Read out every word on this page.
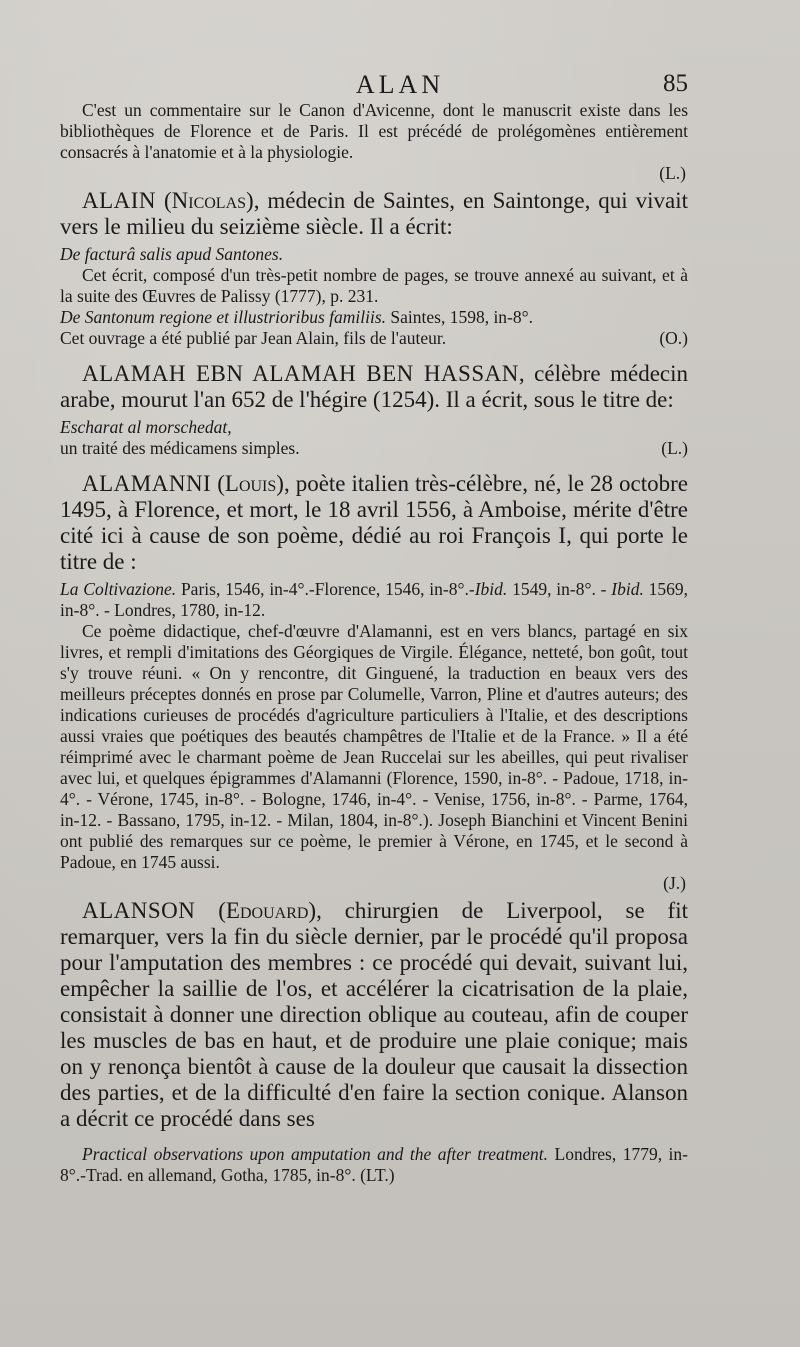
ALAN	85
C'est un commentaire sur le Canon d'Avicenne, dont le manuscrit existe dans les bibliothèques de Florence et de Paris. Il est précédé de prolégomènes entièrement consacrés à l'anatomie et à la physiologie.
(L.)
ALAIN (Nicolas), médecin de Saintes, en Saintonge, qui vivait vers le milieu du seizième siècle. Il a écrit:
De facturâ salis apud Santones.
Cet écrit, composé d'un très-petit nombre de pages, se trouve annexé au suivant, et à la suite des Œuvres de Palissy (1777), p. 231.
De Santonum regione et illustrioribus familiis. Saintes, 1598, in-8°.
Cet ouvrage a été publié par Jean Alain, fils de l'auteur.	(O.)
ALAMAH EBN ALAMAH BEN HASSAN, célèbre médecin arabe, mourut l'an 652 de l'hégire (1254). Il a écrit, sous le titre de:
Escharat al morschedat,
un traité des médicamens simples.	(L.)
ALAMANNI (Louis), poète italien très-célèbre, né, le 28 octobre 1495, à Florence, et mort, le 18 avril 1556, à Amboise, mérite d'être cité ici à cause de son poème, dédié au roi François I, qui porte le titre de :
La Coltivazione. Paris, 1546, in-4°.-Florence, 1546, in-8°.-Ibid. 1549, in-8°. - Ibid. 1569, in-8°. - Londres, 1780, in-12.
Ce poème didactique, chef-d'œuvre d'Alamanni, est en vers blancs, partagé en six livres, et rempli d'imitations des Géorgiques de Virgile. Élégance, netteté, bon goût, tout s'y trouve réuni. « On y rencontre, dit Ginguené, la traduction en beaux vers des meilleurs préceptes donnés en prose par Columelle, Varron, Pline et d'autres auteurs; des indications curieuses de procédés d'agriculture particuliers à l'Italie, et des descriptions aussi vraies que poétiques des beautés champêtres de l'Italie et de la France. » Il a été réimprimé avec le charmant poème de Jean Ruccelai sur les abeilles, qui peut rivaliser avec lui, et quelques épigrammes d'Alamanni (Florence, 1590, in-8°. - Padoue, 1718, in-4°. - Vérone, 1745, in-8°. - Bologne, 1746, in-4°. - Venise, 1756, in-8°. - Parme, 1764, in-12. - Bassano, 1795, in-12. - Milan, 1804, in-8°.). Joseph Bianchini et Vincent Benini ont publié des remarques sur ce poème, le premier à Vérone, en 1745, et le second à Padoue, en 1745 aussi.
(J.)
ALANSON (Edouard), chirurgien de Liverpool, se fit remarquer, vers la fin du siècle dernier, par le procédé qu'il proposa pour l'amputation des membres : ce procédé qui devait, suivant lui, empêcher la saillie de l'os, et accélérer la cicatrisation de la plaie, consistait à donner une direction oblique au couteau, afin de couper les muscles de bas en haut, et de produire une plaie conique; mais on y renonça bientôt à cause de la douleur que causait la dissection des parties, et de la difficulté d'en faire la section conique. Alanson a décrit ce procédé dans ses
Practical observations upon amputation and the after treatment. Londres, 1779, in-8°.-Trad. en allemand, Gotha, 1785, in-8°. (LT.)
